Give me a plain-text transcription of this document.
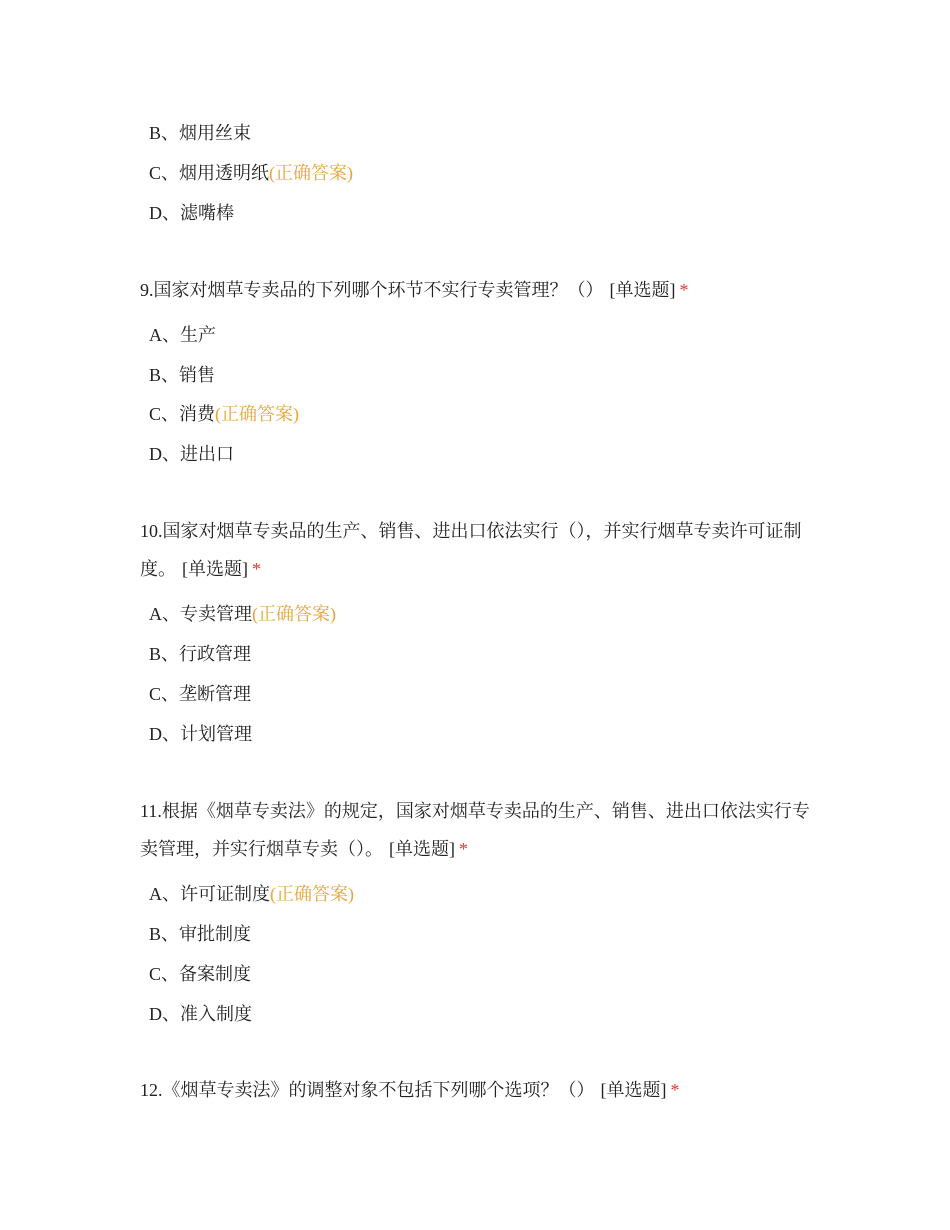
B、烟用丝束
C、烟用透明纸(正确答案)
D、滤嘴棒
9.国家对烟草专卖品的下列哪个环节不实行专卖管理？（） [单选题] *
A、生产
B、销售
C、消费(正确答案)
D、进出口
10.国家对烟草专卖品的生产、销售、进出口依法实行（），并实行烟草专卖许可证制度。 [单选题] *
A、专卖管理(正确答案)
B、行政管理
C、垄断管理
D、计划管理
11.根据《烟草专卖法》的规定，国家对烟草专卖品的生产、销售、进出口依法实行专卖管理，并实行烟草专卖（）。 [单选题] *
A、许可证制度(正确答案)
B、审批制度
C、备案制度
D、准入制度
12.《烟草专卖法》的调整对象不包括下列哪个选项？（） [单选题] *
